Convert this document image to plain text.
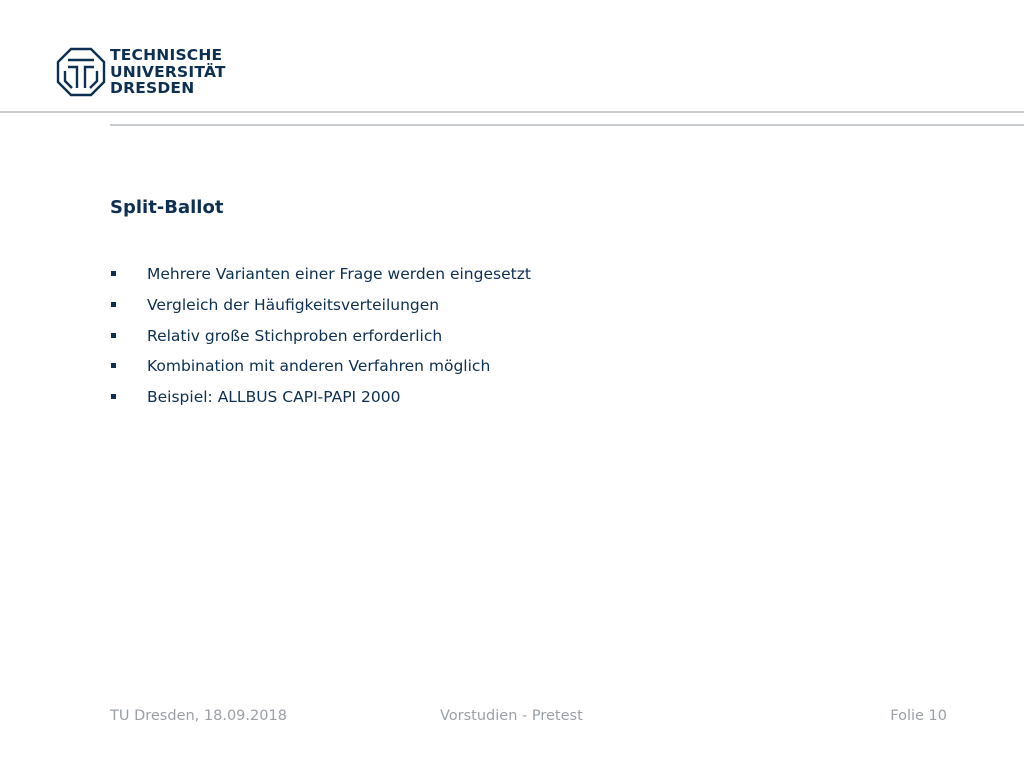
TECHNISCHE
UNIVERSITÄT
DRESDEN
Split-Ballot
Mehrere Varianten einer Frage werden eingesetzt
Vergleich der Häufigkeitsverteilungen
Relativ große Stichproben erforderlich
Kombination mit anderen Verfahren möglich
Beispiel: ALLBUS CAPI-PAPI 2000
TU Dresden, 18.09.2018	Vorstudien - Pretest	Folie 10
